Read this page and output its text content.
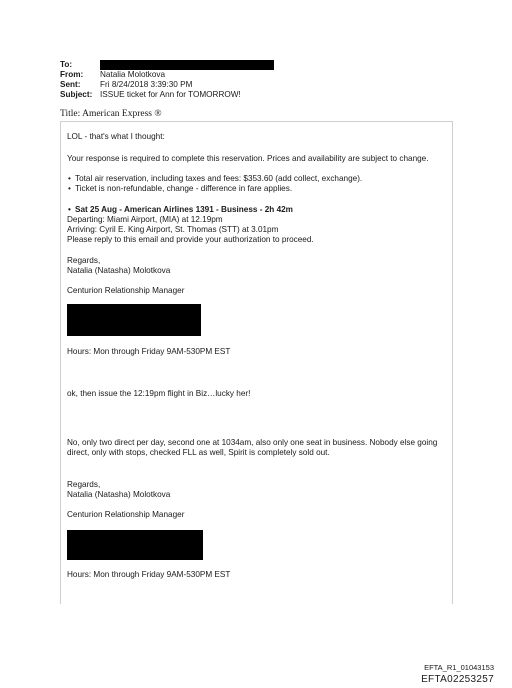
To:
From:	Natalia Molotkova
Sent:	Fri 8/24/2018 3:39:30 PM
Subject: ISSUE ticket for Ann for TOMORROW!
Title: American Express ®
LOL - that's what I thought:
Your response is required to complete this reservation. Prices and availability are subject to change.
• Total air reservation, including taxes and fees: $353.60 (add collect, exchange).
• Ticket is non-refundable, change - difference in fare applies.
• Sat 25 Aug - American Airlines 1391 - Business - 2h 42m
Departing: Miami Airport, (MIA) at 12.19pm
Arriving: Cyril E. King Airport, St. Thomas (STT) at 3.01pm
Please reply to this email and provide your authorization to proceed.
Regards,
Natalia (Natasha) Molotkova
Centurion Relationship Manager
Hours: Mon through Friday 9AM-530PM EST
ok, then issue the 12:19pm flight in Biz…lucky her!
No, only two direct per day, second one at 1034am, also only one seat in business. Nobody else going direct, only with stops, checked FLL as well, Spirit is completely sold out.
Regards,
Natalia (Natasha) Molotkova
Centurion Relationship Manager
Hours: Mon through Friday 9AM-530PM EST
EFTA_R1_01043153
EFTA02253257
